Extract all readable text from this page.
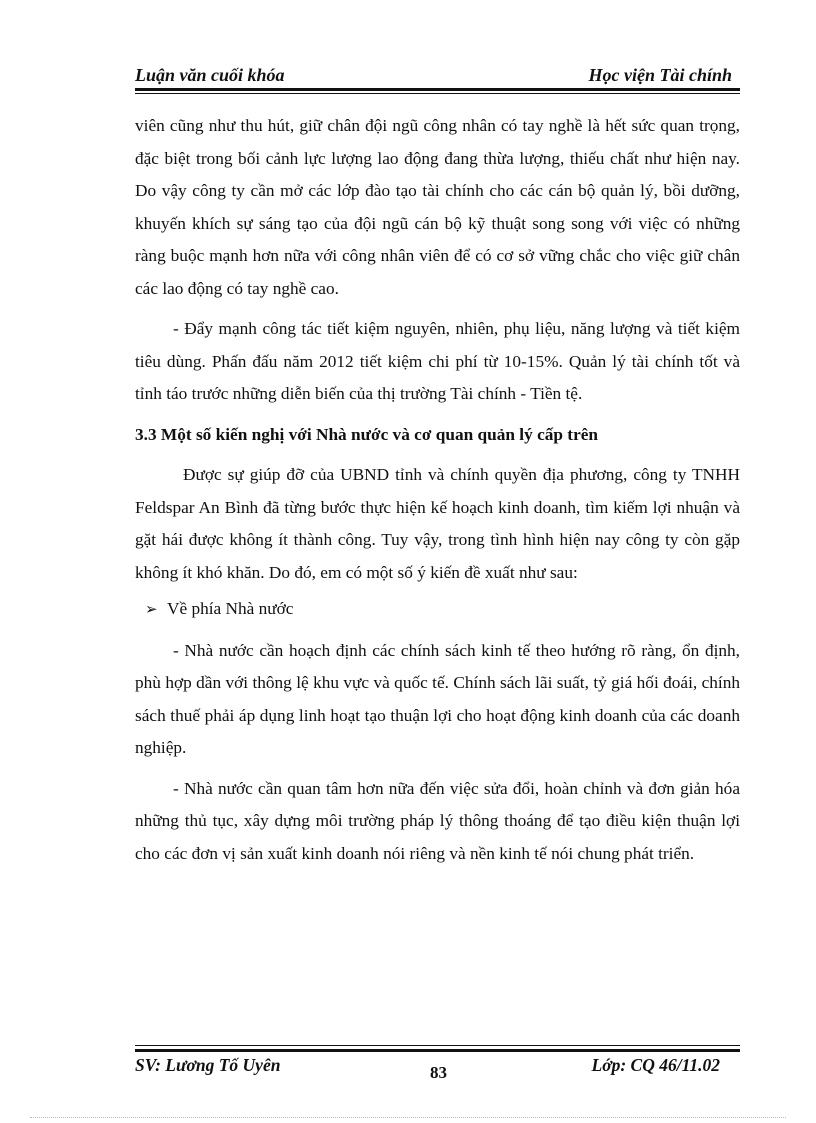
Luận văn cuối khóa	Học viện Tài chính

viên cũng như thu hút, giữ chân đội ngũ công nhân có tay nghề là hết sức quan trọng, đặc biệt trong bối cảnh lực lượng lao động đang thừa lượng, thiếu chất như hiện nay. Do vậy công ty cần mở các lớp đào tạo tài chính cho các cán bộ quản lý, bồi dưỡng, khuyến khích sự sáng tạo của đội ngũ cán bộ kỹ thuật song song với việc có những ràng buộc mạnh hơn nữa với công nhân viên để có cơ sở vững chắc cho việc giữ chân các lao động có tay nghề cao.

- Đẩy mạnh công tác tiết kiệm nguyên, nhiên, phụ liệu, năng lượng và tiết kiệm tiêu dùng. Phấn đấu năm 2012 tiết kiệm chi phí từ 10-15%. Quản lý tài chính tốt và tỉnh táo trước những diễn biến của thị trường Tài chính - Tiền tệ.

3.3 Một số kiến nghị với Nhà nước và cơ quan quản lý cấp trên

Được sự giúp đỡ của UBND tỉnh và chính quyền địa phương, công ty TNHH Feldspar An Bình đã từng bước thực hiện kế hoạch kinh doanh, tìm kiếm lợi nhuận và gặt hái được không ít thành công. Tuy vậy, trong tình hình hiện nay công ty còn gặp không ít khó khăn. Do đó, em có một số ý kiến đề xuất như sau:

➢ Về phía Nhà nước

- Nhà nước cần hoạch định các chính sách kinh tế theo hướng rõ ràng, ổn định, phù hợp dần với thông lệ khu vực và quốc tế. Chính sách lãi suất, tỷ giá hối đoái, chính sách thuế phải áp dụng linh hoạt tạo thuận lợi cho hoạt động kinh doanh của các doanh nghiệp.

- Nhà nước cần quan tâm hơn nữa đến việc sửa đổi, hoàn chỉnh và đơn giản hóa những thủ tục, xây dựng môi trường pháp lý thông thoáng để tạo điều kiện thuận lợi cho các đơn vị sản xuất kinh doanh nói riêng và nền kinh tế nói chung phát triển.

SV: Lương Tố Uyên	83	Lớp: CQ 46/11.02
